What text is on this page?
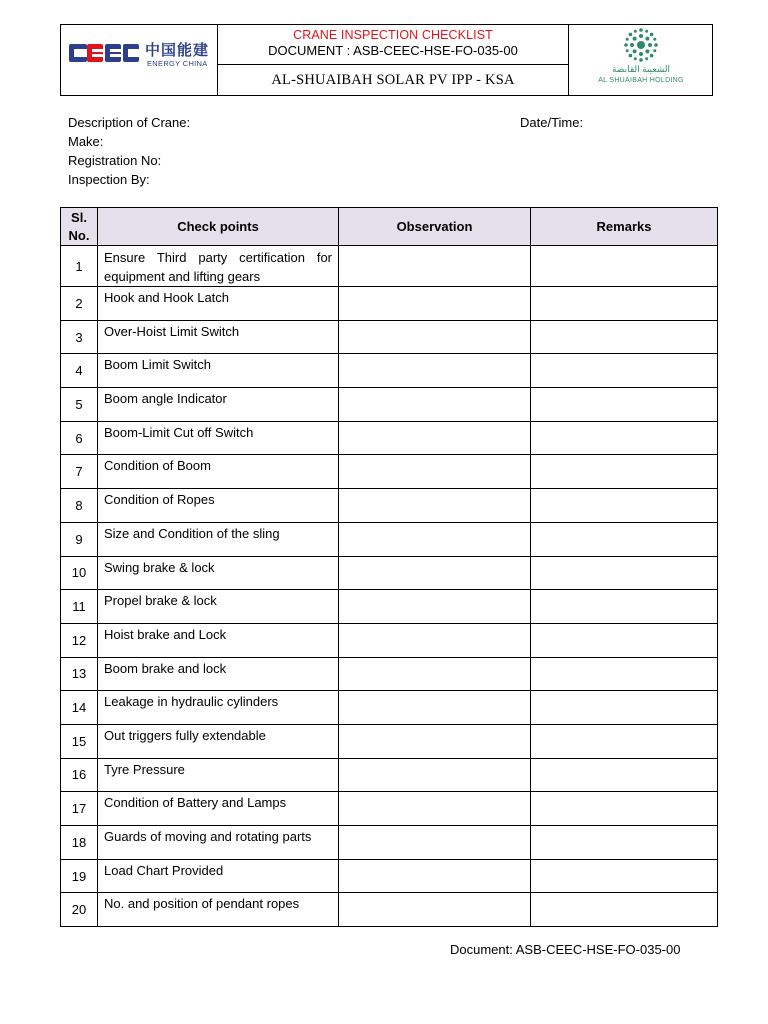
中国能建
ENERGY CHINA
CRANE INSPECTION CHECKLIST
DOCUMENT : ASB-CEEC-HSE-FO-035-00
AL-SHUAIBAH SOLAR PV IPP - KSA
الشعيبة القابضة
AL SHUAIBAH HOLDING
Description of Crane:
Make:
Registration No:
Inspection By:
Date/Time:
Sl.
No.	Check points	Observation	Remarks
1	Ensure Third party certification for equipment and lifting gears		

2	Hook and Hook Latch		

3	Over-Hoist Limit Switch		

4	Boom Limit Switch		

5	Boom angle Indicator		

6	Boom-Limit Cut off Switch		

7	Condition of Boom		

8	Condition of Ropes		

9	Size and Condition of the sling		

10	Swing brake & lock		

11	Propel brake & lock		

12	Hoist brake and Lock		

13	Boom brake and lock		

14	Leakage in hydraulic cylinders		

15	Out triggers fully extendable		

16	Tyre Pressure		

17	Condition of Battery and Lamps		

18	Guards of moving and rotating parts		

19	Load Chart Provided		

20	No. and position of pendant ropes		

Document: ASB-CEEC-HSE-FO-035-00
